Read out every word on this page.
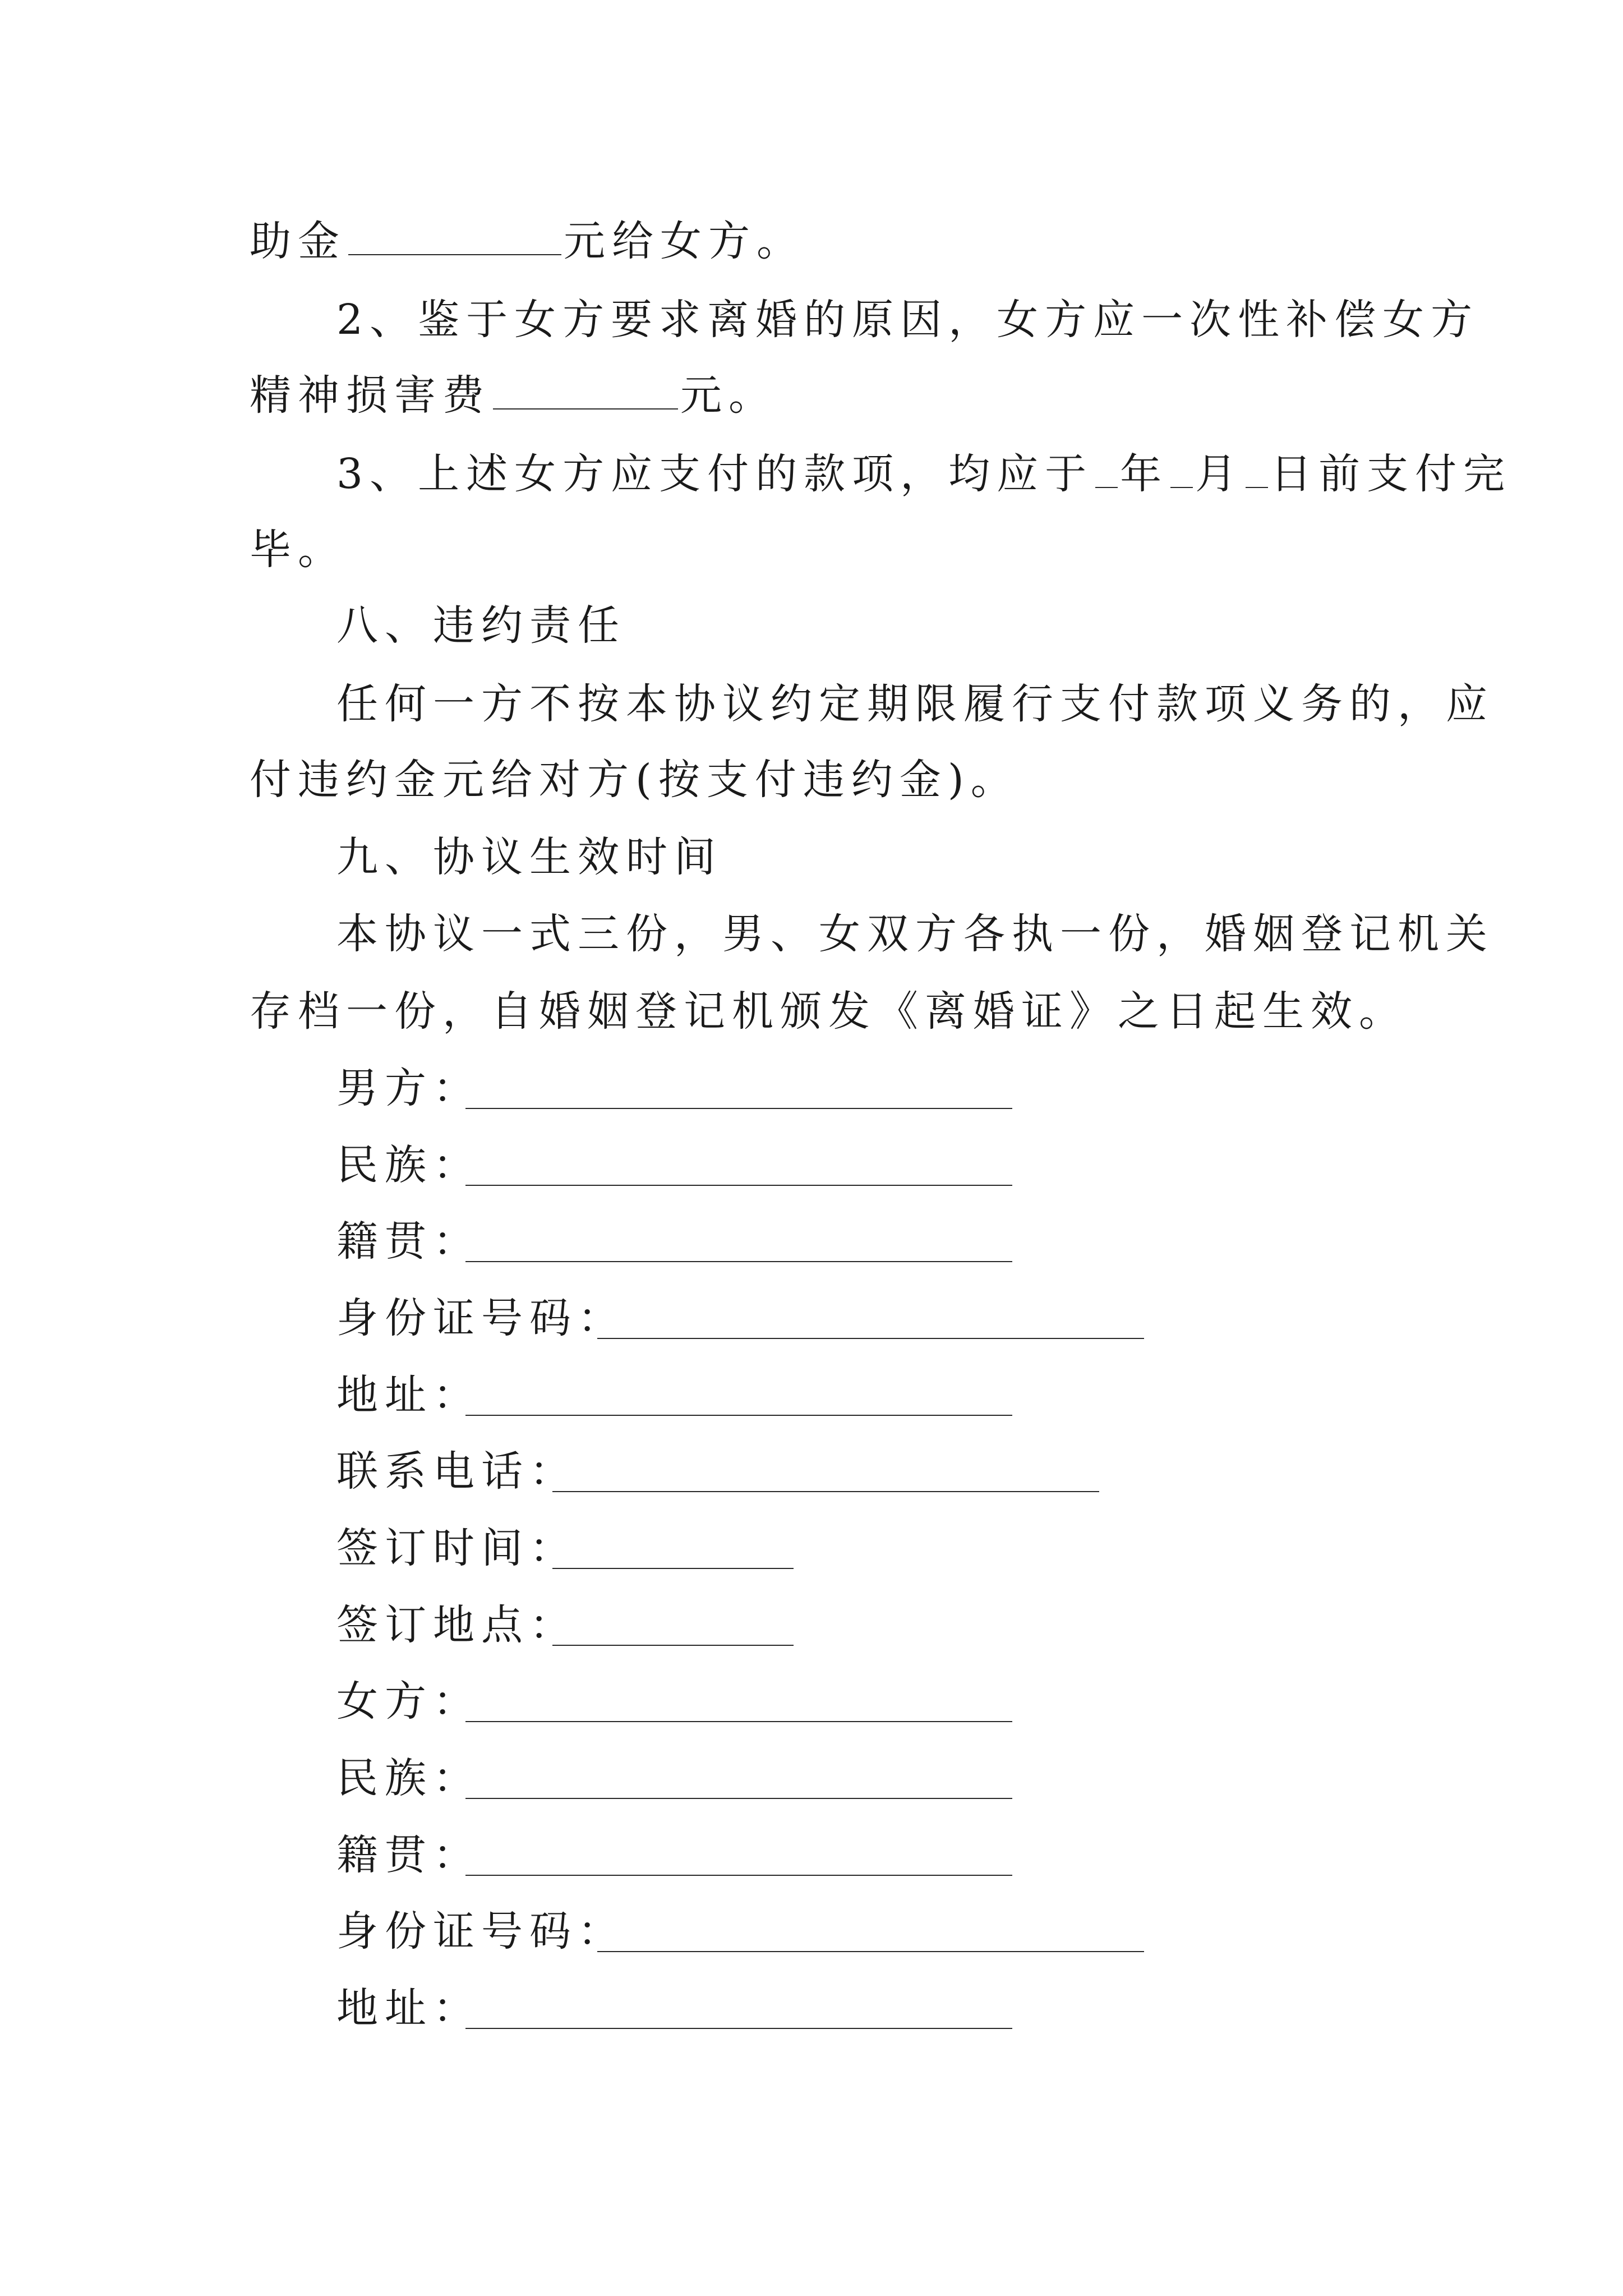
助金	元给女方。
2、鉴于女方要求离婚的原因，女方应一次性补偿女方
精神损害费	元。
3、上述女方应支付的款项，均应于 年 月 日前支付完
毕。
八、违约责任
任何一方不按本协议约定期限履行支付款项义务的，应
付违约金元给对方(按支付违约金)。
九、协议生效时间
本协议一式三份，男、女双方各执一份，婚姻登记机关
存档一份，自婚姻登记机颁发《离婚证》之日起生效。
男方：
民族：
籍贯：
身份证号码：
地址：
联系电话：
签订时间：
签订地点：
女方：
民族：
籍贯：
身份证号码：
地址：
